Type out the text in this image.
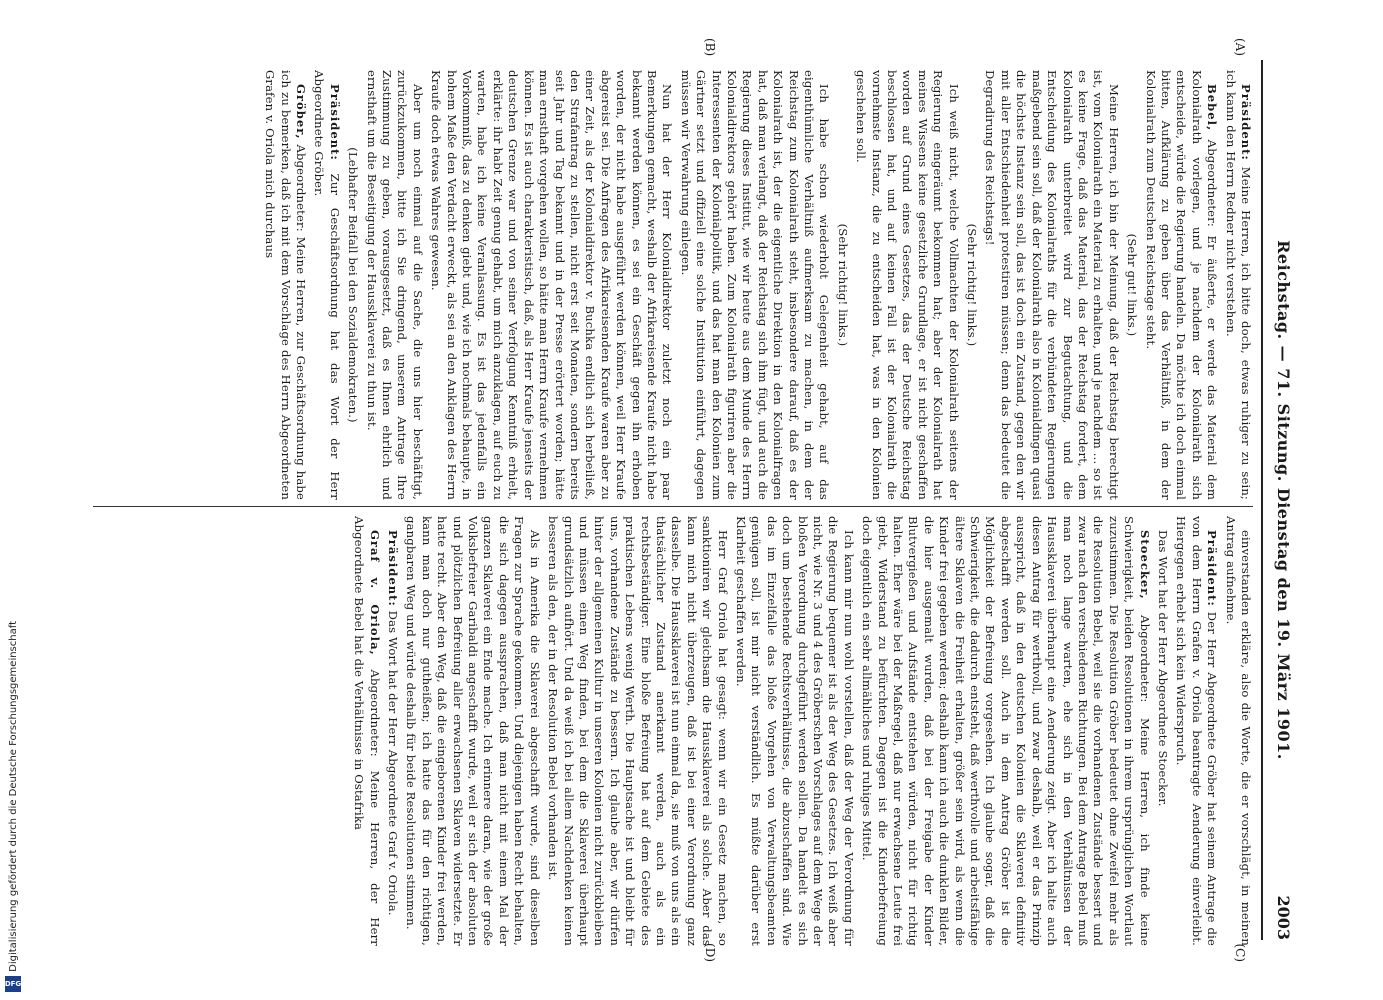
DFG
Digitalisierung gefördert durch die Deutsche Forschungsgemeinschaft
Reichstag. — 71. Sitzung. Dienstag den 19. März 1901.
2003
(A)
(B)
(C)
(D)

Präsident: Meine Herren, ich bitte doch, etwas ruhiger zu sein; ich kann den Herrn Redner nicht verstehen.

Bebel, Abgeordneter: Er äußerte, er werde das Material dem Kolonialrath vorlegen, und je nachdem der Kolonialrath sich entscheide, würde die Regierung handeln. Da möchte ich doch einmal bitten, Aufklärung zu geben über das Verhältniß, in dem der Kolonialrath zum Deutschen Reichstage steht.

(Sehr gut! links.)

Meine Herren, ich bin der Meinung, daß der Reichstag berechtigt ist, vom Kolonialrath ein Material zu erhalten, und je nachdem ... so ist es keine Frage, daß das Material, das der Reichstag fordert, dem Kolonialrath unterbreitet wird zur Begutachtung, und die Entscheidung des Kolonialraths für die verbündeten Regierungen maßgebend sein soll, daß der Kolonialrath also in Kolonialdingen quasi die höchste Instanz sein soll, das ist doch ein Zustand, gegen den wir mit aller Entschiedenheit protestiren müssen; denn das bedeutet die Degradirung des Reichstags!

(Sehr richtig! links.)

Ich weiß nicht, welche Vollmachten der Kolonialrath seitens der Regierung eingeräumt bekommen hat; aber der Kolonialrath hat meines Wissens keine gesetzliche Grundlage, er ist nicht geschaffen worden auf Grund eines Gesetzes, das der Deutsche Reichstag beschlossen hat, und auf keinen Fall ist der Kolonialrath die vornehmste Instanz, die zu entscheiden hat, was in den Kolonien geschehen soll.

(Sehr richtig! links.)

Ich habe schon wiederholt Gelegenheit gehabt, auf das eigenthümliche Verhältniß aufmerksam zu machen, in dem der Reichstag zum Kolonialrath steht, insbesondere darauf, daß es der Kolonialrath ist, der die eigentliche Direktion in den Kolonialfragen hat, daß man verlangt, daß der Reichstag sich ihm fügt, und auch die Regierung dieses Institut, wie wir heute aus dem Munde des Herrn Kolonialdirektors gehört haben. Zum Kolonialrath figuriren aber die Interessenten der Kolonialpolitik, und das hat man den Kolonien zum Gärtner setzt und offiziell eine solche Institution einführt, dagegen müssen wir Verwahrung einlegen.

Nun hat der Herr Kolonialdirektor zuletzt noch ein paar Bemerkungen gemacht, weshalb der Afrikareisende Kraufe nicht habe bekannt werden können, es sei ein Geschäft gegen ihn erhoben worden, der nicht habe ausgeführt werden können, weil Herr Kraufe abgereist sei. Die Anfragen des Afrikareisenden Kraufe waren aber zu einer Zeit, als der Kolonialdirektor v. Buchka endlich sich herbeiließ, den Strafantrag zu stellen, nicht erst seit Monaten, sondern bereits seit Jahr und Tag bekannt und in der Presse erörtert worden; hätte man ernsthaft vorgehen wollen, so hätte man Herrn Kraufe vernehmen können. Es ist auch charakteristisch, daß, als Herr Kraufe jenseits der deutschen Grenze war und von seiner Verfolgung Kenntniß erhielt, erklärte: ihr habt Zeit genug gehabt, um mich anzuklagen, auf euch zu warten, habe ich keine Veranlassung. Es ist das jedenfalls ein Vorkommniß, das zu denken giebt und, wie ich nochmals behaupte, in hohem Maße den Verdacht erweckt, als sei an den Anklagen des Herrn Kraufe doch etwas Wahres gewesen.

Aber um noch einmal auf die Sache, die uns hier beschäftigt, zurückzukommen, bitte ich Sie dringend, unserem Antrage Ihre Zustimmung zu geben, vorausgesetzt, daß es Ihnen ehrlich und ernsthaft um die Beseitigung der Haussklaverei zu thun ist.

(Lebhafter Beifall bei den Sozialdemokraten.)

Präsident: Zur Geschäftsordnung hat das Wort der Herr Abgeordnete Gröber.

Gröber, Abgeordneter: Meine Herren, zur Geschäftsordnung habe ich zu bemerken, daß ich mit dem Vorschlage des Herrn Abgeordneten Grafen v. Oriola mich durchaus

einverstanden erkläre, also die Worte, die er vorschlägt, in meinen Antrag aufnehme.

Präsident: Der Herr Abgeordnete Gröber hat seinem Antrage die von dem Herrn Grafen v. Oriola beantragte Aenderung einverleibt. Hiergegen erhebt sich kein Widerspruch.

Das Wort hat der Herr Abgeordnete Stoecker.

Stoecker, Abgeordneter: Meine Herren, ich finde keine Schwierigkeit, beiden Resolutionen in ihrem ursprünglichen Wortlaut zuzustimmen. Die Resolution Gröber bedeutet ohne Zweifel mehr als die Resolution Bebel, weil sie die vorhandenen Zustände bessert und zwar nach den verschiedenen Richtungen. Bei dem Antrage Bebel muß man noch lange warten, ehe sich in den Verhältnissen der Haussklaverei überhaupt eine Aenderung zeigt. Aber ich halte auch diesen Antrag für werthvoll, und zwar deshalb, weil er das Prinzip ausspricht, daß in den deutschen Kolonien die Sklaverei definitiv abgeschafft werden soll. Auch in dem Antrag Gröber ist die Möglichkeit der Befreiung vorgesehen. Ich glaube sogar, daß die Schwierigkeit, die dadurch entsteht, daß werthvolle und arbeitsfähige ältere Sklaven die Freiheit erhalten, größer sein wird, als wenn die Kinder frei gegeben werden; deshalb kann ich auch die dunklen Bilder, die hier ausgemalt wurden, daß bei der Freigabe der Kinder Blutvergießen und Aufstände entstehen würden, nicht für richtig halten. Eher wäre bei der Maßregel, daß nur erwachsene Leute frei giebt, Widerstand zu befürchten. Dagegen ist die Kinderbefreiung doch eigentlich ein sehr allmähliches und ruhiges Mittel.

Ich kann mir nun wohl vorstellen, daß der Weg der Verordnung für die Regierung bequemer ist als der Weg des Gesetzes. Ich weiß aber nicht, wie Nr. 3 und 4 des Gröberschen Vorschlages auf dem Wege der bloßen Verordnung durchgeführt werden sollen. Da handelt es sich doch um bestehende Rechtsverhältnisse, die abzuschaffen sind. Wie das im Einzelfalle das bloße Vorgehen von Verwaltungsbeamten genügen soll, ist mir nicht verständlich. Es müßte darüber erst Klarheit geschaffen werden.

Herr Graf Oriola hat gesagt: wenn wir ein Gesetz machen, so sanktioniren wir gleichsam die Haussklaverei als solche. Aber das kann mich nicht überzeugen, daß ist bei einer Verordnung ganz dasselbe. Die Haussklaverei ist nun einmal da, sie muß von uns als ein thatsächlicher Zustand anerkannt werden, auch als ein rechtsbeständiger. Eine bloße Befreiung hat auf dem Gebiete des praktischen Lebens wenig Werth. Die Hauptsache ist und bleibt für uns, vorhandene Zustände zu bessern. Ich glaube aber, wir dürfen hinter der allgemeinen Kultur in unseren Kolonien nicht zurückbleiben und müssen einen Weg finden, bei dem die Sklaverei überhaupt grundsätzlich aufhört. Und da weiß ich bei allem Nachdenken keinen besseren als den, der in der Resolution Bebel vorhanden ist.

Als in Amerika die Sklaverei abgeschafft wurde, sind dieselben Fragen zur Sprache gekommen. Und diejenigen haben Recht behalten, die sich dagegen aussprachen, daß man nicht mit einem Mal der ganzen Sklaverei ein Ende mache. Ich erinnere daran, wie der große Volksbefreier Garibaldi angeschafft wurde, weil er sich der absoluten und plötzlichen Befreiung aller erwachsenen Sklaven widersetzte. Er hatte recht. Aber den Weg, daß die eingeborenen Kinder frei werden, kann man doch nur gutheißen; ich hatte das für den richtigen, gangbaren Weg und würde deshalb für beide Resolutionen stimmen.

Präsident: Das Wort hat der Herr Abgeordnete Graf v. Oriola.

Graf v. Oriola, Abgeordneter: Meine Herren, der Herr Abgeordnete Bebel hat die Verhältnisse in Ostafrika
